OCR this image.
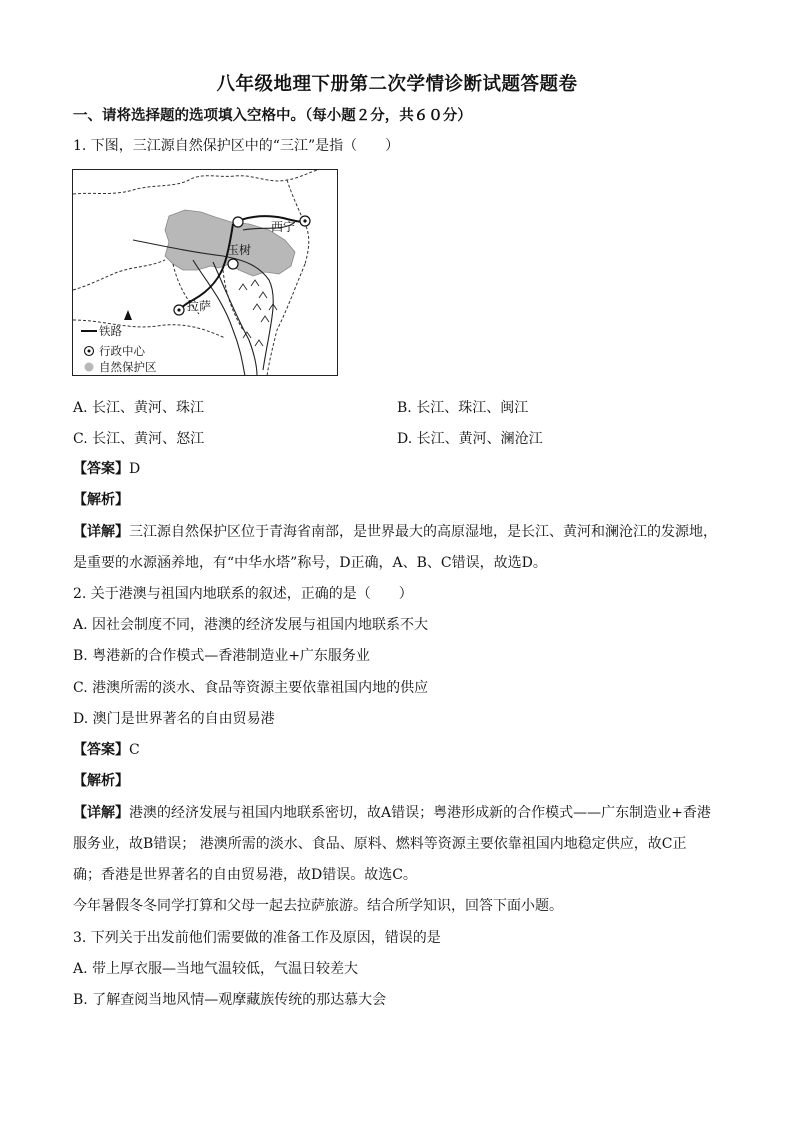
八年级地理下册第二次学情诊断试题答题卷
一、请将选择题的选项填入空格中。（每小题２分，共６０分）
1. 下图，三江源自然保护区中的“三江”是指（　　）
西宁
玉树
拉萨
铁路
行政中心
自然保护区
A. 长江、黄河、珠江	B. 长江、珠江、闽江
C. 长江、黄河、怒江	D. 长江、黄河、澜沧江
【答案】D
【解析】
【详解】三江源自然保护区位于青海省南部，是世界最大的高原湿地，是长江、黄河和澜沧江的发源地，
是重要的水源涵养地，有“中华水塔”称号，D正确，A、B、C错误，故选D。
2. 关于港澳与祖国内地联系的叙述，正确的是（　　）
A. 因社会制度不同，港澳的经济发展与祖国内地联系不大
B. 粤港新的合作模式—香港制造业+广东服务业
C. 港澳所需的淡水、食品等资源主要依靠祖国内地的供应
D. 澳门是世界著名的自由贸易港
【答案】C
【解析】
【详解】港澳的经济发展与祖国内地联系密切，故A错误；粤港形成新的合作模式——广东制造业+香港
服务业，故B错误； 港澳所需的淡水、食品、原料、燃料等资源主要依靠祖国内地稳定供应，故C正
确；香港是世界著名的自由贸易港，故D错误。故选C。
今年暑假冬冬同学打算和父母一起去拉萨旅游。结合所学知识，回答下面小题。
3. 下列关于出发前他们需要做的准备工作及原因，错误的是
A. 带上厚衣服—当地气温较低，气温日较差大
B. 了解查阅当地风情—观摩藏族传统的那达慕大会
